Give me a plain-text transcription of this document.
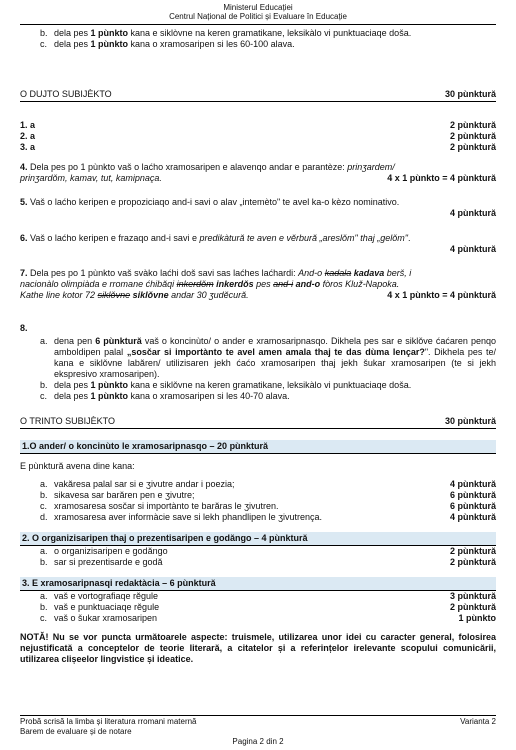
Ministerul Educației
Centrul Național de Politici și Evaluare în Educație
b. dela pes 1 pùnkto kana e siklòvne na keren gramatikane, leksikàlo vi punktuaciaqe doša.
c. dela pes 1 pùnkto kana o xramosaripen si les 60-100 alava.
O DUJTO SUBIJÈKTO	30 pùnktură
1. a	2 pùnktură
2. a	2 pùnktură
3. a	2 pùnktură
4. Dela pes po 1 pùnkto vaš o laćho xramosaripen e alavenqo andar e parantèze: prinʒardem/
prinʒardǒm, kamav, tut, kamipnaça.	4 x 1 pùnkto = 4 pùnktură
5. Vaš o laćho keripen e propoziciaqo and-i savi o alav „intemèto" te avel ka-o kèzo nominativo.
4 pùnktură
6. Vaš o laćho keripen e frazaqo and-i savi e predikàtură te aven e vĕrbură „areslǒm" thaj „gelǒm".
4 pùnktură
7. Dela pes po 1 pùnkto vaš svàko laćhi doš savi sas laćhes laćhardi: And-o kadala kadava berš, i
nacionàlo olimpiàda e rromane ćhibăqi inkerdǒm inkerdǒs pes and-i and-o fòros Kluž-Napoka.
Kathe line kotor 72 siklǒvne siklǒvne andar 30 ʒudĕcură.	4 x 1 pùnkto = 4 pùnktură
8.
a. dena pen 6 pùnktură vaš o koncinùto/ o ander e xramosaripnasqo. Dikhela pes sar e siklǒve ćaćaren penqo amboldipen palal „sosčar si importànto te avel amen amala thaj te das dùma lençar?". Dikhela pes te/ kana e siklǒvne labăren/ utilizisaren jekh ćaćo xramosaripen thaj jekh šukar xramosaripen (te si jekh ekspresivo xramosaripen).
b. dela pes 1 pùnkto kana e siklǒvne na keren gramatikane, leksikàlo vi punktuaciaqe doša.
c. dela pes 1 pùnkto kana o xramosaripen si les 40-70 alava.
O TRINTO SUBIJÈKTO	30 pùnktură
1.O ander/ o koncinùto le xramosaripnasqo – 20 pùnktură
E pùnktură avena dine kana:
a. vakăresa palal sar si e ʒivutre andar i poezia;	4 pùnktură
b. sikavesa sar barăren pen e ʒivutre;	6 pùnktură
c. xramosaresa sosčar si importànto te barăras le ʒivutren.	6 pùnktură
d. xramosaresa aver informàcie save si lekh phandlipen le ʒivutrença.	4 pùnktură
2. O organizisaripen thaj o prezentisaripen e godăngo – 4 pùnktură
a. o organizisaripen e godăngo	2 pùnktură
b. sar si prezentisarde e godă	2 pùnktură
3. E xramosaripnasqi redaktàcia – 6 pùnktură
a. vaš e vortografiaqe rĕgule	3 pùnktură
b. vaš e punktuaciaqe rĕgule	2 pùnktură
c. vaš o šukar xramosaripen	1 pùnkto
NOTĂ! Nu se vor puncta următoarele aspecte: truismele, utilizarea unor idei cu caracter general, folosirea nejustificată a conceptelor de teorie literară, a citatelor și a referințelor irelevante scopului comunicării, utilizarea clișeelor lingvistice și ideatice.
Probă scrisă la limba și literatura rromani maternă	Varianta 2
Barem de evaluare și de notare
Pagina 2 din 2
